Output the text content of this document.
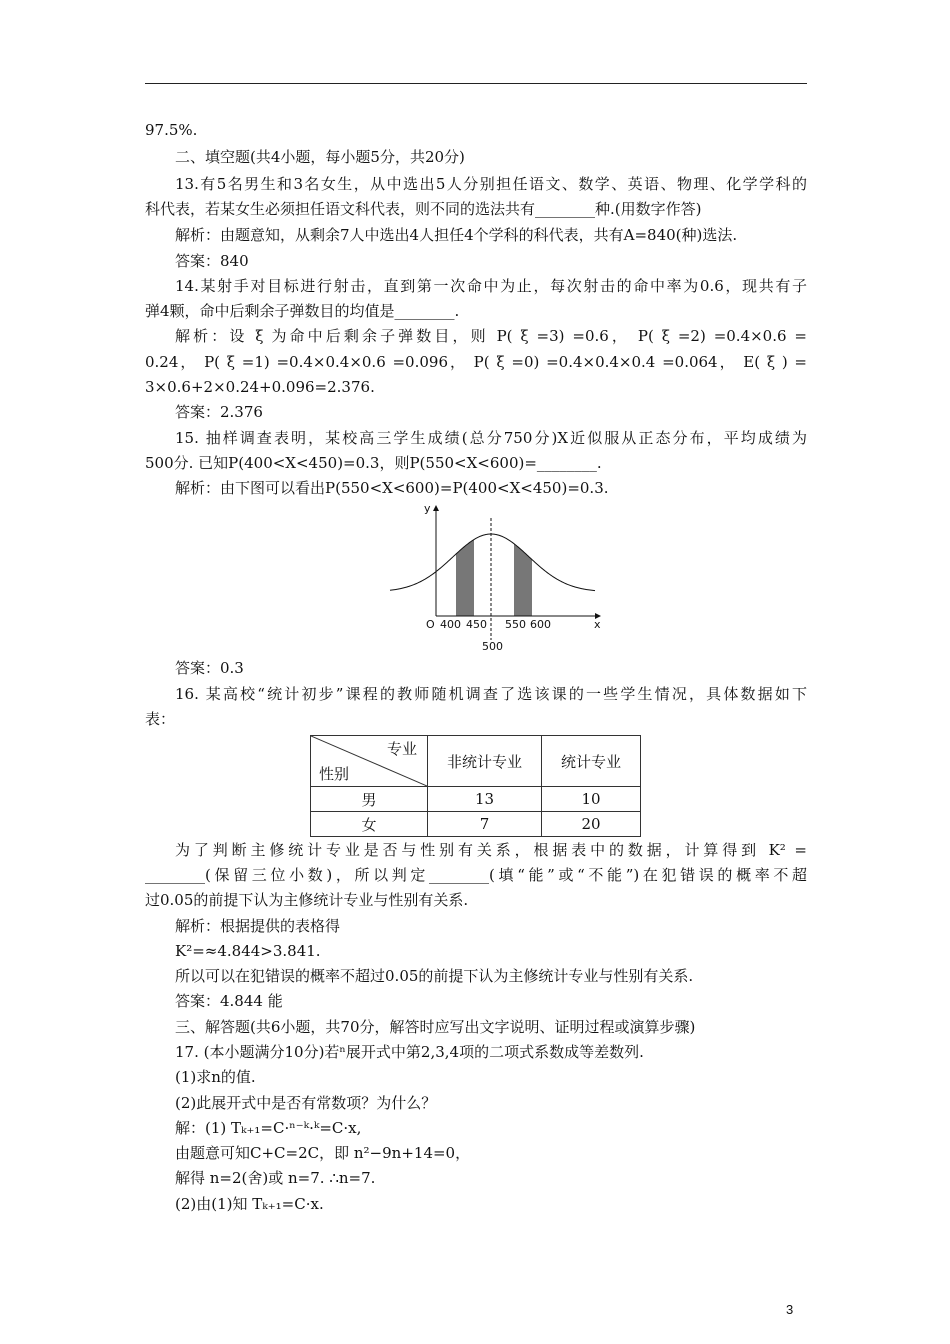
97.5%.
二、填空题(共4小题，每小题5分，共20分)
13.有5名男生和3名女生，从中选出5人分别担任语文、数学、英语、物理、化学学科的
科代表，若某女生必须担任语文科代表，则不同的选法共有________种.(用数字作答)
解析：由题意知，从剩余7人中选出4人担任4个学科的科代表，共有A=840(种)选法.
答案：840
14.某射手对目标进行射击，直到第一次命中为止，每次射击的命中率为0.6，现共有子
弹4颗，命中后剩余子弹数目的均值是________.
解析：设 ξ 为命中后剩余子弹数目，则 P( ξ =3) =0.6， P( ξ =2) =0.4×0.6 =
0.24， P( ξ =1) =0.4×0.4×0.6 =0.096， P( ξ =0) =0.4×0.4×0.4 =0.064， E( ξ ) =
3×0.6+2×0.24+0.096=2.376.
答案：2.376
15. 抽样调查表明，某校高三学生成绩(总分750分)X近似服从正态分布，平均成绩为
500分. 已知P(400<X<450)=0.3，则P(550<X<600)=________.
解析：由下图可以看出P(550<X<600)=P(400<X<450)=0.3.
y
x
O 400 450 550 600
500
答案：0.3
16. 某高校“统计初步”课程的教师随机调查了选该课的一些学生情况，具体数据如下
表：
专业
性别	非统计专业	统计专业
男	13	10
女	7	20
为了判断主修统计专业是否与性别有关系，根据表中的数据，计算得到 K² =
________(保留三位小数)，所以判定________(填“能”或“不能”)在犯错误的概率不超
过0.05的前提下认为主修统计专业与性别有关系.
解析：根据提供的表格得
K²=≈4.844>3.841.
所以可以在犯错误的概率不超过0.05的前提下认为主修统计专业与性别有关系.
答案：4.844 能
三、解答题(共6小题，共70分，解答时应写出文字说明、证明过程或演算步骤)
17. (本小题满分10分)若ⁿ展开式中第2,3,4项的二项式系数成等差数列.
(1)求n的值.
(2)此展开式中是否有常数项？为什么？
解：(1) Tₖ₊₁=C·ⁿ⁻ᵏ·ᵏ=C·x,
由题意可知C+C=2C，即 n²−9n+14=0，
解得 n=2(舍)或 n=7. ∴n=7.
(2)由(1)知 Tₖ₊₁=C·x.
3
